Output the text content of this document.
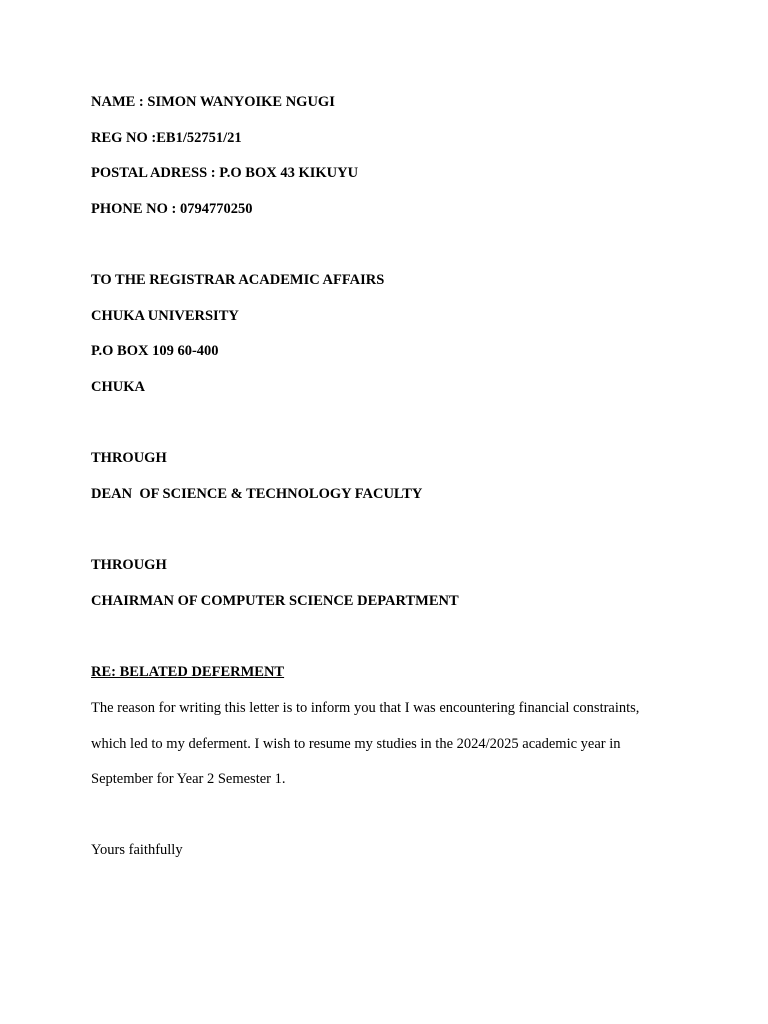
NAME : SIMON WANYOIKE NGUGI

REG NO :EB1/52751/21

POSTAL ADRESS : P.O BOX 43 KIKUYU

PHONE NO : 0794770250

TO THE REGISTRAR ACADEMIC AFFAIRS

CHUKA UNIVERSITY

P.O BOX 109 60-400

CHUKA

THROUGH

DEAN  OF SCIENCE & TECHNOLOGY FACULTY

THROUGH

CHAIRMAN OF COMPUTER SCIENCE DEPARTMENT

RE: BELATED DEFERMENT

The reason for writing this letter is to inform you that I was encountering financial constraints,

which led to my deferment. I wish to resume my studies in the 2024/2025 academic year in

September for Year 2 Semester 1.

Yours faithfully
